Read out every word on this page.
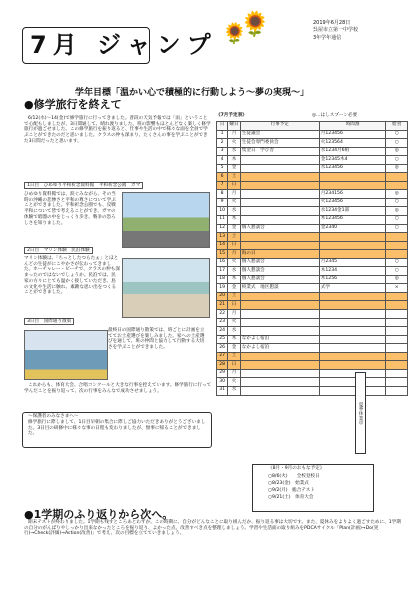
7月 ジャンプ 🌻
🌻	2019年6月28日
呉屋市立第一中学校
3年学年通信
学年目標「温かい心で積極的に行動しよう～夢の実現～」
●修学旅行を終えて

6/12(水)～14(金)で修学旅行に行ってきました。普段の天気予報では「雨」ということで心配もしましたが、3日間通して、晴れ渡りました。班の影響もほとんどなく楽しく修学旅行が過ごせました。この修学旅行を振り返ると、仕事や生活の中で様々な面を全員で学ぶことができたのだと思いました。クラスの仲も深まり、たくさんの事を学ぶことができた3日間だったと思います。

1日目　ひめゆり平和祈念資料館　平和祈念公園　ガマ
ひめゆり資料館では、涙ぐみながら、その当時の沖縄の悲惨さと平和の尊さについて学ぶことができました。平和祈念公園でも、反戦平和について皆で考えることができ、ガマの体験で暗闇の中をじっくり歩き、戦争の恐ろしさを知りました。
2日目　マリン体験　民泊体験
マリン体験は、「ちっとしたつらたぁ」とほとんどの生徒がにこやかさが伝わってきました。ホーチャレー・ビーチで、クラスの仲も深まったのではないでしょうか。民泊では、民家の方々にとても温かく接していただき、島の文化や生活に触れ、素敵な思い出をつくることができました。
3日目　国際通り散策
最終日の国際通り散策では、班ごとに計画を立ててお土産選びを楽しみました。家への土産選びを通して、班の仲間と協力して行動する大切さを学ぶことができました。

これからも、体育大会、合唱コンクールと大きな行事を控えています。修学旅行に行って学んだことを振り返って、次の行事をみんなで成功させましょう。

～保護者のみなさまへ～
修学旅行に際しまして、1日目早朝の集合に際しご協力いただきありがとうございました。3日目の研修中に様々な事の日程も変わりましたが、無事に帰ることができました。
《7月予定表》	◎…はしスプーン必要
日	曜日	行事予定	時間割	給食
1	月	生徒議会	月123456	○
2	火	生徒会専門委員会	火123564	○
3	水	集金日　学び舎	水1234月6組	◎
4	木		金12345木4	○
5	金		水123456	◎
6	土			
7	日			
8	月		月234156	◎
9	火		火123456	○
10	水		水1234金1部	◎
11	木		木123456	○
12	金	個人懇談会	金2340	○
13	土			
14	日			
15	月	海の日		
16	火	個人懇談会	月2345	○
17	水	個人懇談会	木1234	○
18	木	個人懇談会	木1256	◎
19	金	終業式　地区懇談	式学	×
20	土			
21	日			
22	月			
23	火			
24	水			
25	木	なかよし宿泊		
26	金	なかよし宿泊		
27	土			
28	日			
29	月			
30	火			
31	水			
夏季休業中
《8月・9月のおもな予定》
○8/6(火)　　全校登校日
○8/23(金)　始業式
○9/2(月)　総合テスト
○9/21(土)　体育大会
●1学期のふり返りから次へ。

期末テストが終わりました。1学期も残すところあとわずか。この時期に、自分がどんなことに取り組んだか、振り返る事は大切です。また、夏休みをよりよく過ごすために、1学期の自分のがんばりやしっかり出来なかったところを振り返り、よかった点、改善すべき点を整理しましょう。学習や生活面の取り組みをPDCAサイクル「Plan(計画)→Do(実行)→Check(評価)→Action(改善)」で考え、次の目標を立てていきましょう。
